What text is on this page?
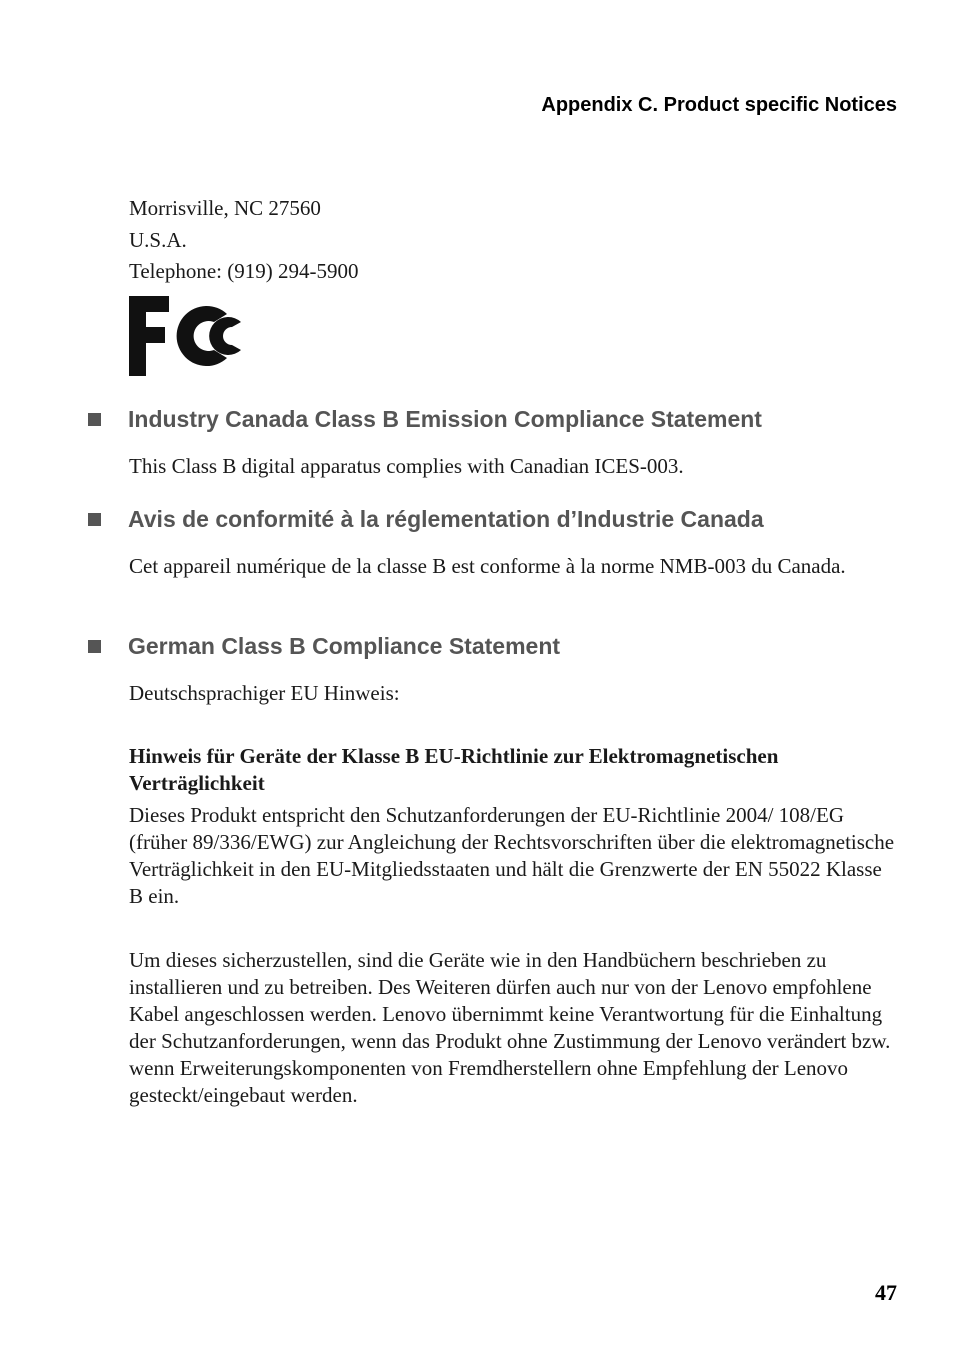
Appendix C. Product specific Notices
Morrisville, NC 27560
U.S.A.
Telephone: (919) 294-5900
Industry Canada Class B Emission Compliance Statement
This Class B digital apparatus complies with Canadian ICES-003.
Avis de conformité à la réglementation d’Industrie Canada
Cet appareil numérique de la classe B est conforme à la norme NMB-003 du Canada.
German Class B Compliance Statement
Deutschsprachiger EU Hinweis:
Hinweis für Geräte der Klasse B EU-Richtlinie zur Elektromagnetischen Verträglichkeit
Dieses Produkt entspricht den Schutzanforderungen der EU-Richtlinie 2004/ 108/EG (früher 89/336/EWG) zur Angleichung der Rechtsvorschriften über die elektromagnetische Verträglichkeit in den EU-Mitgliedsstaaten und hält die Grenzwerte der EN 55022 Klasse B ein.
Um dieses sicherzustellen, sind die Geräte wie in den Handbüchern beschrieben zu installieren und zu betreiben. Des Weiteren dürfen auch nur von der Lenovo empfohlene Kabel angeschlossen werden. Lenovo übernimmt keine Verantwortung für die Einhaltung der Schutzanforderungen, wenn das Produkt ohne Zustimmung der Lenovo verändert bzw. wenn Erweiterungskomponenten von Fremdherstellern ohne Empfehlung der Lenovo gesteckt/eingebaut werden.
47
